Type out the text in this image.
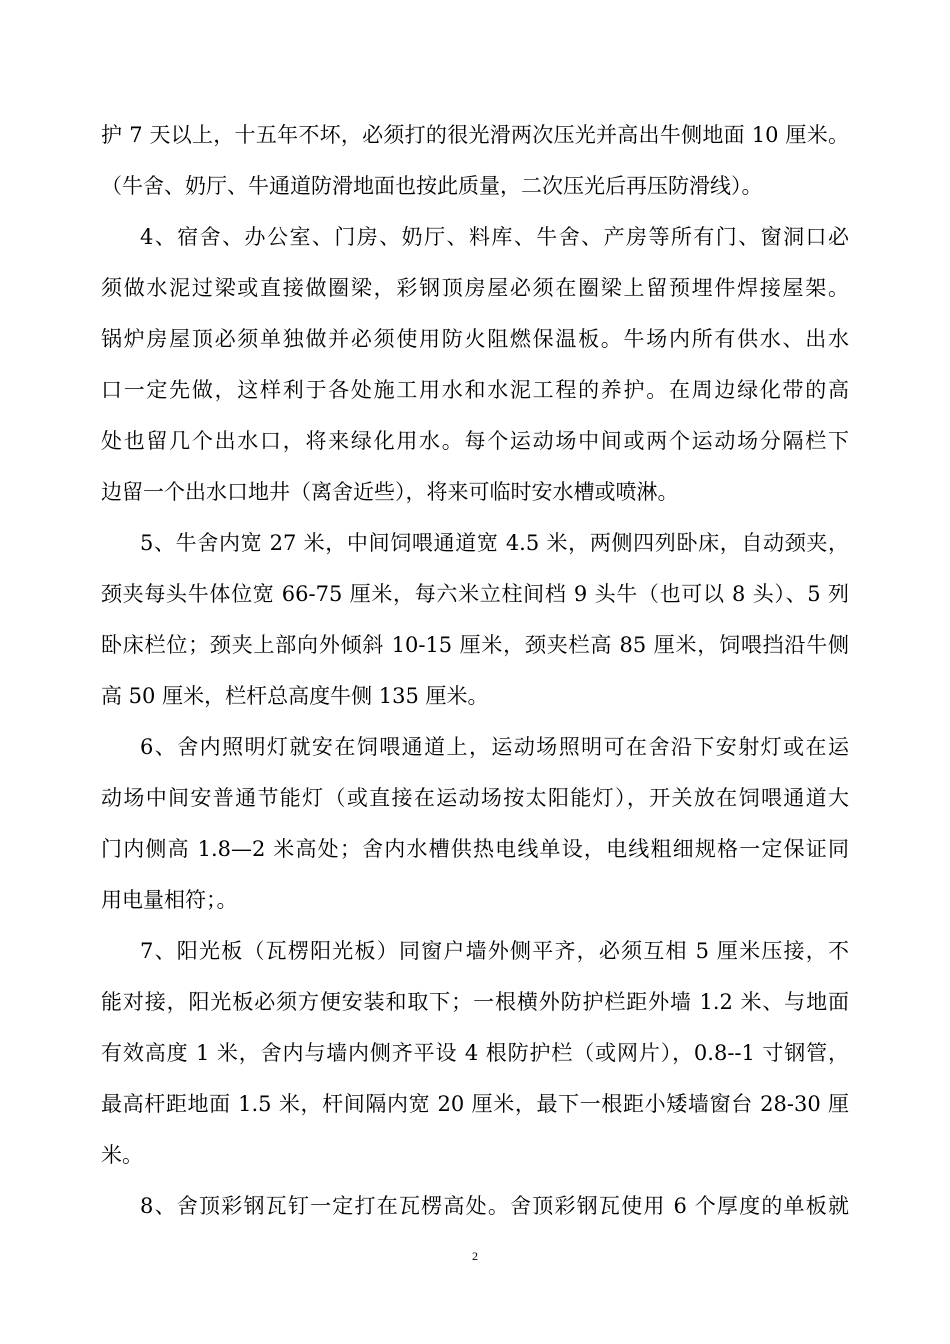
护 7 天以上，十五年不坏，必须打的很光滑两次压光并高出牛侧地面 10 厘米。
（牛舍、奶厅、牛通道防滑地面也按此质量，二次压光后再压防滑线）。
4、宿舍、办公室、门房、奶厅、料库、牛舍、产房等所有门、窗洞口必
须做水泥过梁或直接做圈梁，彩钢顶房屋必须在圈梁上留预埋件焊接屋架。
锅炉房屋顶必须单独做并必须使用防火阻燃保温板。牛场内所有供水、出水
口一定先做，这样利于各处施工用水和水泥工程的养护。在周边绿化带的高
处也留几个出水口，将来绿化用水。每个运动场中间或两个运动场分隔栏下
边留一个出水口地井（离舍近些），将来可临时安水槽或喷淋。
5、牛舍内宽 27 米，中间饲喂通道宽 4.5 米，两侧四列卧床，自动颈夹，
颈夹每头牛体位宽 66-75 厘米，每六米立柱间档 9 头牛（也可以 8 头）、5 列
卧床栏位；颈夹上部向外倾斜 10-15 厘米，颈夹栏高 85 厘米，饲喂挡沿牛侧
高 50 厘米，栏杆总高度牛侧 135 厘米。
6、舍内照明灯就安在饲喂通道上，运动场照明可在舍沿下安射灯或在运
动场中间安普通节能灯（或直接在运动场按太阳能灯），开关放在饲喂通道大
门内侧高 1.8—2 米高处；舍内水槽供热电线单设，电线粗细规格一定保证同
用电量相符；。
7、阳光板（瓦楞阳光板）同窗户墙外侧平齐，必须互相 5 厘米压接，不
能对接，阳光板必须方便安装和取下；一根横外防护栏距外墙 1.2 米、与地面
有效高度 1 米，舍内与墙内侧齐平设 4 根防护栏（或网片），0.8--1 寸钢管，
最高杆距地面 1.5 米，杆间隔内宽 20 厘米，最下一根距小矮墙窗台 28-30 厘
米。
8、舍顶彩钢瓦钉一定打在瓦楞高处。舍顶彩钢瓦使用 6 个厚度的单板就
2
